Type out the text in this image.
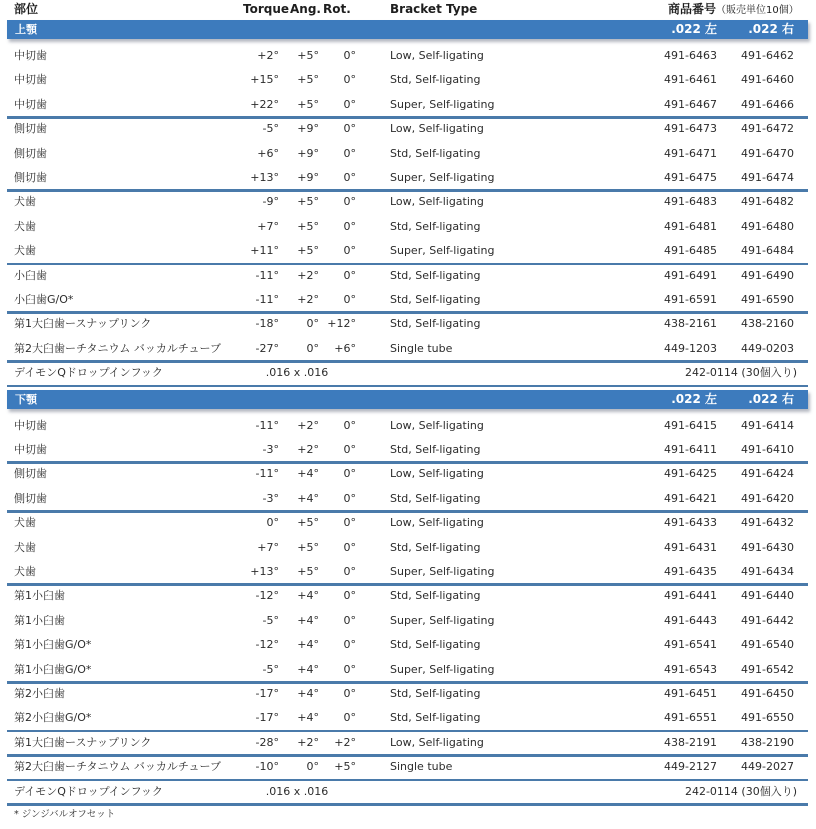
部位	Torque Ang. Rot.	Bracket Type	商品番号（販売単位10個）
上顎	.022 左	.022 右
中切歯	+2°	+5°	0°	Low, Self-ligating	491-6463	491-6462
中切歯	+15°	+5°	0°	Std, Self-ligating	491-6461	491-6460
中切歯	+22°	+5°	0°	Super, Self-ligating	491-6467	491-6466
側切歯	-5°	+9°	0°	Low, Self-ligating	491-6473	491-6472
側切歯	+6°	+9°	0°	Std, Self-ligating	491-6471	491-6470
側切歯	+13°	+9°	0°	Super, Self-ligating	491-6475	491-6474
犬歯	-9°	+5°	0°	Low, Self-ligating	491-6483	491-6482
犬歯	+7°	+5°	0°	Std, Self-ligating	491-6481	491-6480
犬歯	+11°	+5°	0°	Super, Self-ligating	491-6485	491-6484
小臼歯	-11°	+2°	0°	Std, Self-ligating	491-6491	491-6490
小臼歯G/O*	-11°	+2°	0°	Std, Self-ligating	491-6591	491-6590
第1大臼歯ースナップリンク	-18°	0° +12°	Std, Self-ligating	438-2161	438-2160
第2大臼歯ーチタニウム バッカルチューブ	-27°	0°	+6°	Single tube	449-1203	449-0203
デイモンQドロップインフック	.016 x .016	242-0114 (30個入り)
下顎	.022 左	.022 右
中切歯	-11°	+2°	0°	Low, Self-ligating	491-6415	491-6414
中切歯	-3°	+2°	0°	Std, Self-ligating	491-6411	491-6410
側切歯	-11°	+4°	0°	Low, Self-ligating	491-6425	491-6424
側切歯	-3°	+4°	0°	Std, Self-ligating	491-6421	491-6420
犬歯	0°	+5°	0°	Low, Self-ligating	491-6433	491-6432
犬歯	+7°	+5°	0°	Std, Self-ligating	491-6431	491-6430
犬歯	+13°	+5°	0°	Super, Self-ligating	491-6435	491-6434
第1小臼歯	-12°	+4°	0°	Std, Self-ligating	491-6441	491-6440
第1小臼歯	-5°	+4°	0°	Super, Self-ligating	491-6443	491-6442
第1小臼歯G/O*	-12°	+4°	0°	Std, Self-ligating	491-6541	491-6540
第1小臼歯G/O*	-5°	+4°	0°	Super, Self-ligating	491-6543	491-6542
第2小臼歯	-17°	+4°	0°	Std, Self-ligating	491-6451	491-6450
第2小臼歯G/O*	-17°	+4°	0°	Std, Self-ligating	491-6551	491-6550
第1大臼歯ースナップリンク	-28°	+2°	+2°	Low, Self-ligating	438-2191	438-2190
第2大臼歯ーチタニウム バッカルチューブ	-10°	0°	+5°	Single tube	449-2127	449-2027
デイモンQドロップインフック	.016 x .016	242-0114 (30個入り)
* ジンジバルオフセット
